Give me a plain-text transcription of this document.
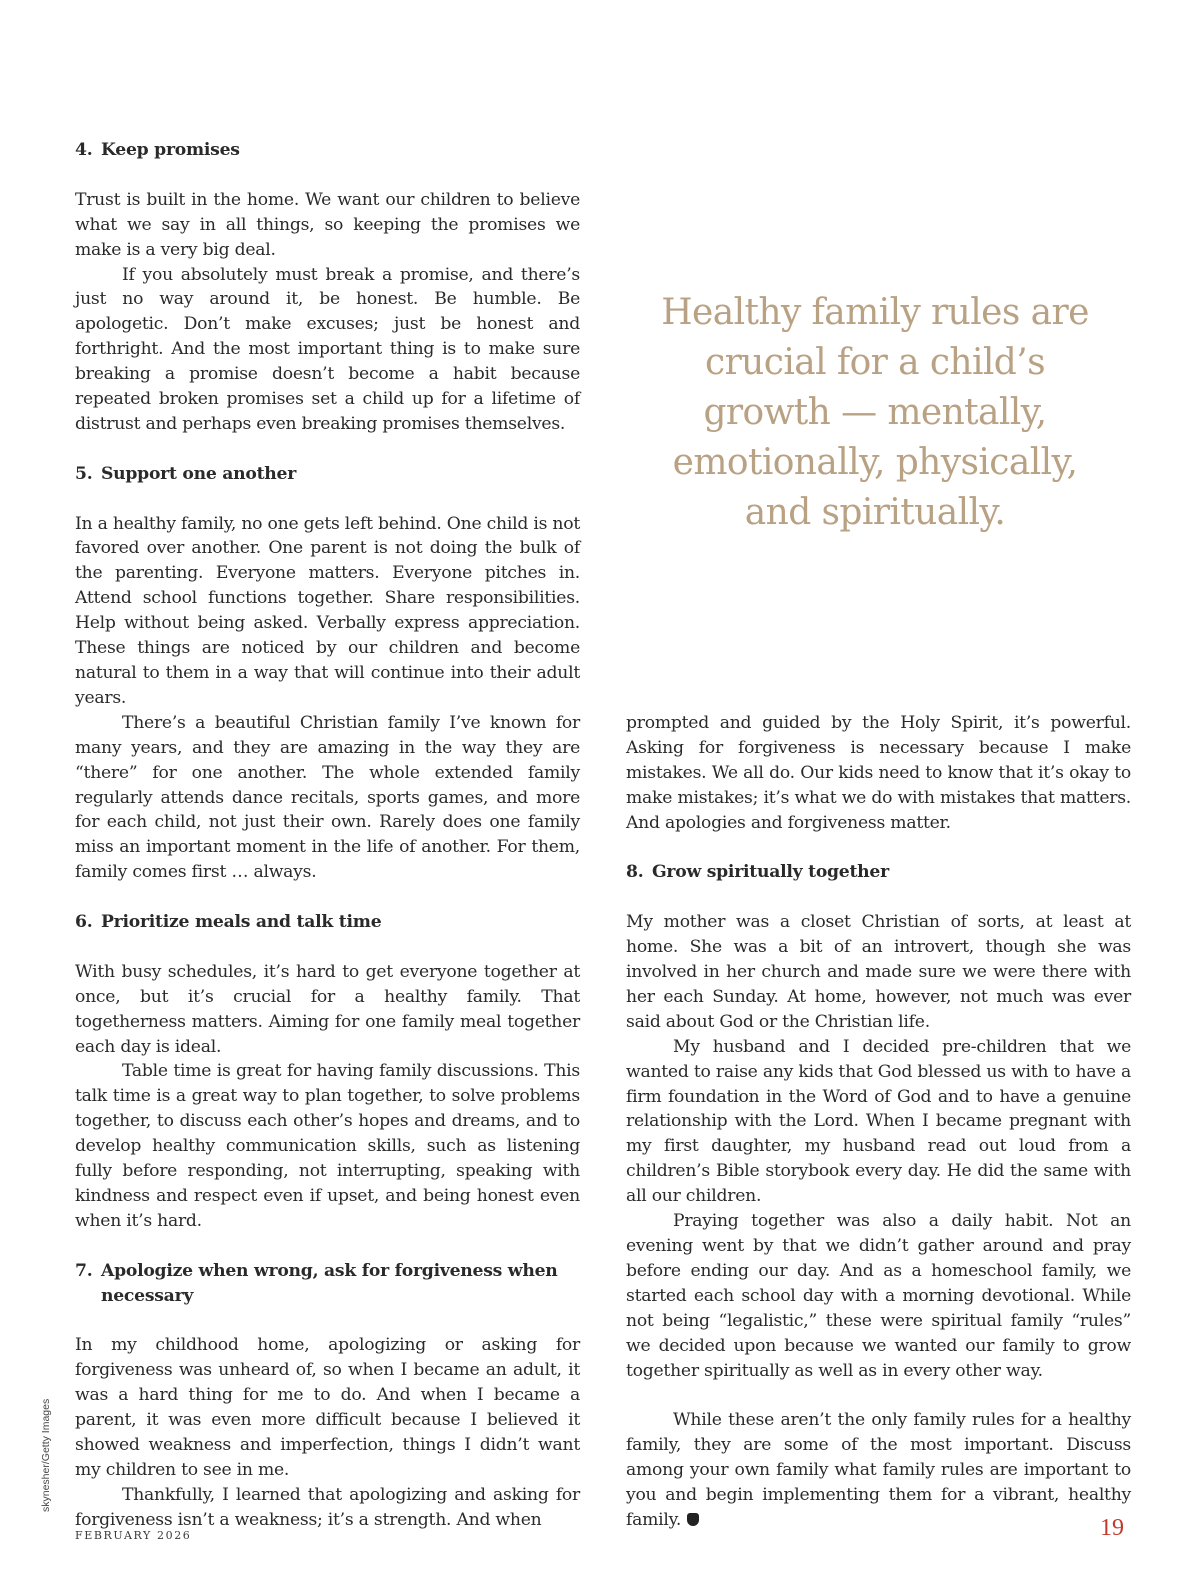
4. Keep promises

Trust is built in the home. We want our children to believe what we say in all things, so keeping the promises we make is a very big deal.

If you absolutely must break a promise, and there’s just no way around it, be honest. Be humble. Be apologetic. Don’t make excuses; just be honest and forthright. And the most important thing is to make sure breaking a promise doesn’t become a habit because repeated broken promises set a child up for a lifetime of distrust and perhaps even breaking promises themselves.

5. Support one another

In a healthy family, no one gets left behind. One child is not favored over another. One parent is not doing the bulk of the parenting. Everyone matters. Everyone pitches in. Attend school functions together. Share responsibilities. Help without being asked. Verbally express appreciation. These things are noticed by our children and become natural to them in a way that will continue into their adult years.

There’s a beautiful Christian family I’ve known for many years, and they are amazing in the way they are “there” for one another. The whole extended family regularly attends dance recitals, sports games, and more for each child, not just their own. Rarely does one family miss an important moment in the life of another. For them, family comes first … always.

6. Prioritize meals and talk time

With busy schedules, it’s hard to get everyone together at once, but it’s crucial for a healthy family. That togetherness matters. Aiming for one family meal together each day is ideal.

Table time is great for having family discussions. This talk time is a great way to plan together, to solve problems together, to discuss each other’s hopes and dreams, and to develop healthy communication skills, such as listening fully before responding, not interrupting, speaking with kindness and respect even if upset, and being honest even when it’s hard.

7. Apologize when wrong, ask for forgiveness when necessary

In my childhood home, apologizing or asking for forgiveness was unheard of, so when I became an adult, it was a hard thing for me to do. And when I became a parent, it was even more difficult because I believed it showed weakness and imperfection, things I didn’t want my children to see in me.

Thankfully, I learned that apologizing and asking for forgiveness isn’t a weakness; it’s a strength. And when

Healthy family rules are crucial for a child’s growth — mentally, emotionally, physically, and spiritually.

prompted and guided by the Holy Spirit, it’s powerful. Asking for forgiveness is necessary because I make mistakes. We all do. Our kids need to know that it’s okay to make mistakes; it’s what we do with mistakes that matters. And apologies and forgiveness matter.

8. Grow spiritually together

My mother was a closet Christian of sorts, at least at home. She was a bit of an introvert, though she was involved in her church and made sure we were there with her each Sunday. At home, however, not much was ever said about God or the Christian life.

My husband and I decided pre-children that we wanted to raise any kids that God blessed us with to have a firm foundation in the Word of God and to have a genuine relationship with the Lord. When I became pregnant with my first daughter, my husband read out loud from a children’s Bible storybook every day. He did the same with all our children.

Praying together was also a daily habit. Not an evening went by that we didn’t gather around and pray before ending our day. And as a homeschool family, we started each school day with a morning devotional. While not being “legalistic,” these were spiritual family “rules” we decided upon because we wanted our family to grow together spiritually as well as in every other way.

While these aren’t the only family rules for a healthy family, they are some of the most important. Discuss among your own family what family rules are important to you and begin implementing them for a vibrant, healthy family.

skynesher/Getty Images
FEBRUARY 2026	19
